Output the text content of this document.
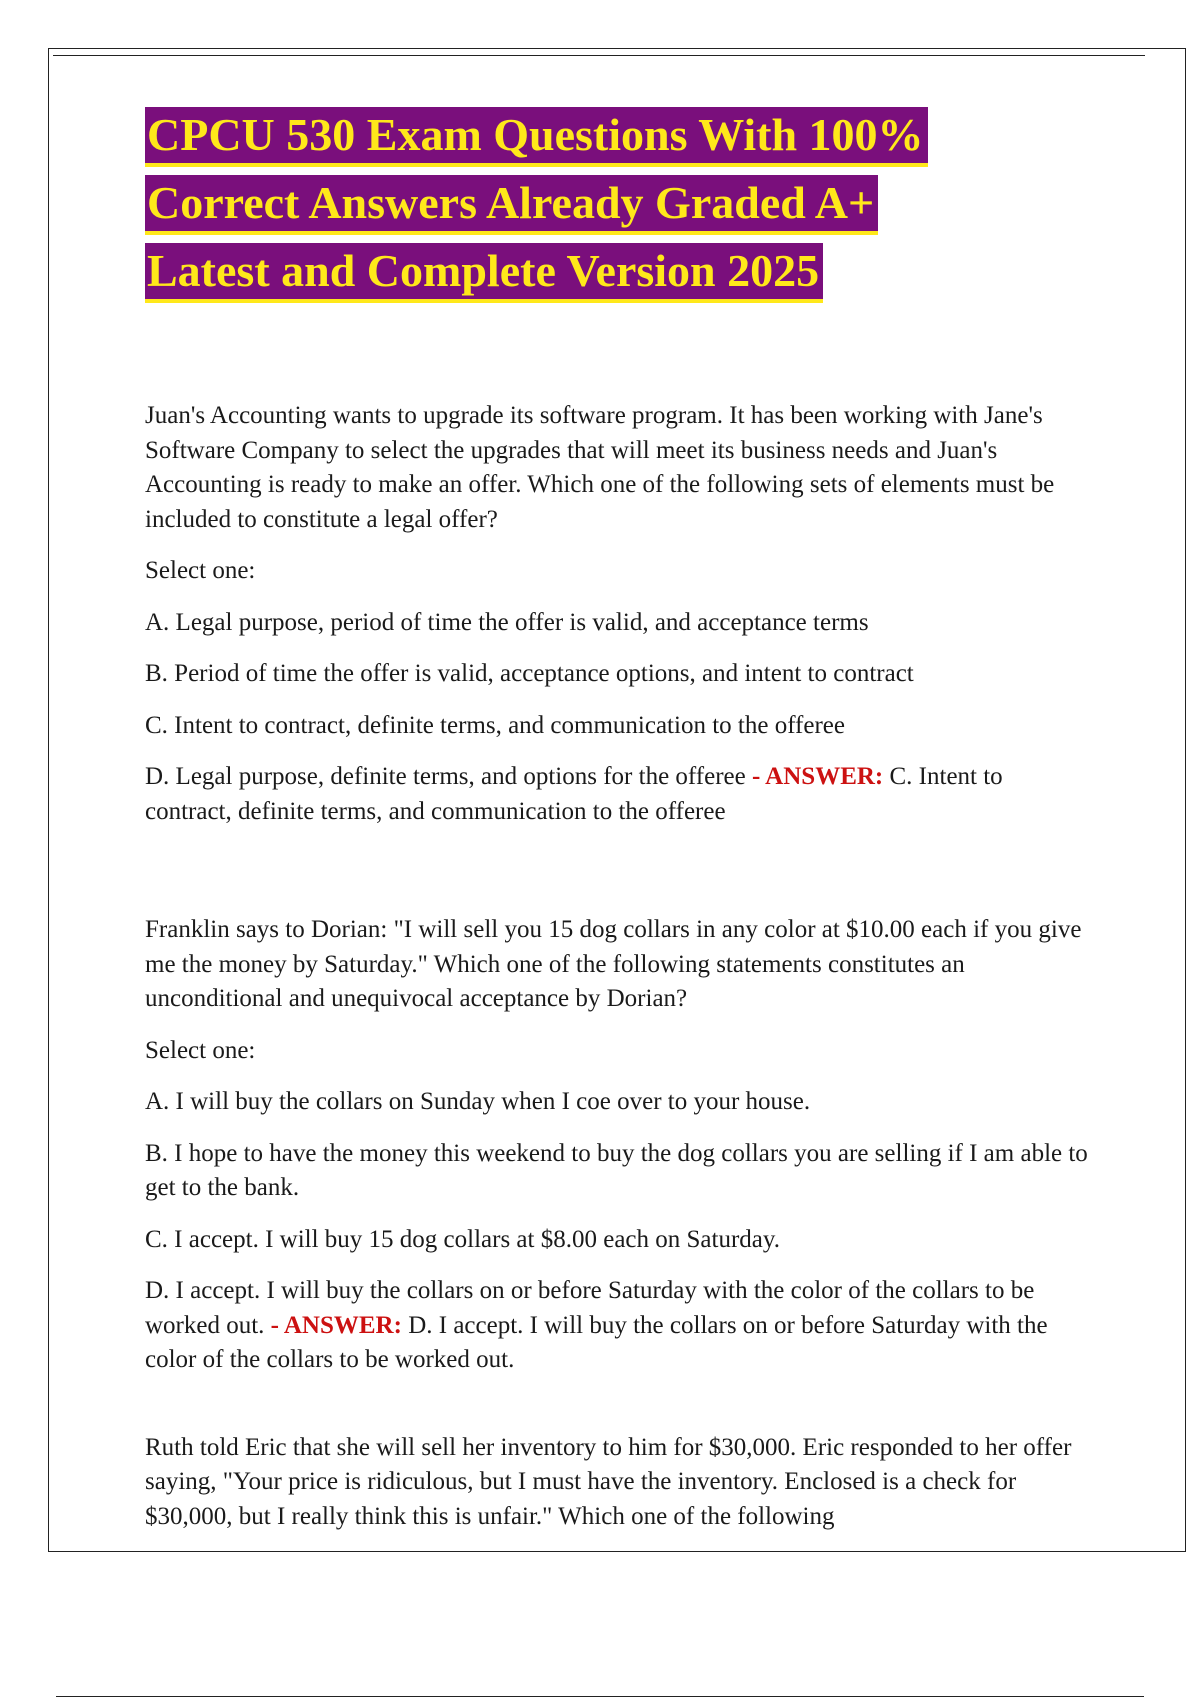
CPCU 530 Exam Questions With 100%
Correct Answers Already Graded A+
Latest and Complete Version 2025

Juan's Accounting wants to upgrade its software program. It has been working with Jane's Software Company to select the upgrades that will meet its business needs and Juan's Accounting is ready to make an offer. Which one of the following sets of elements must be included to constitute a legal offer?

Select one:

A. Legal purpose, period of time the offer is valid, and acceptance terms

B. Period of time the offer is valid, acceptance options, and intent to contract

C. Intent to contract, definite terms, and communication to the offeree

D. Legal purpose, definite terms, and options for the offeree - ANSWER: C. Intent to contract, definite terms, and communication to the offeree

Franklin says to Dorian: "I will sell you 15 dog collars in any color at $10.00 each if you give me the money by Saturday." Which one of the following statements constitutes an unconditional and unequivocal acceptance by Dorian?

Select one:

A. I will buy the collars on Sunday when I coe over to your house.

B. I hope to have the money this weekend to buy the dog collars you are selling if I am able to get to the bank.

C. I accept. I will buy 15 dog collars at $8.00 each on Saturday.

D. I accept. I will buy the collars on or before Saturday with the color of the collars to be worked out. - ANSWER: D. I accept. I will buy the collars on or before Saturday with the color of the collars to be worked out.

Ruth told Eric that she will sell her inventory to him for $30,000. Eric responded to her offer saying, "Your price is ridiculous, but I must have the inventory. Enclosed is a check for $30,000, but I really think this is unfair." Which one of the following
